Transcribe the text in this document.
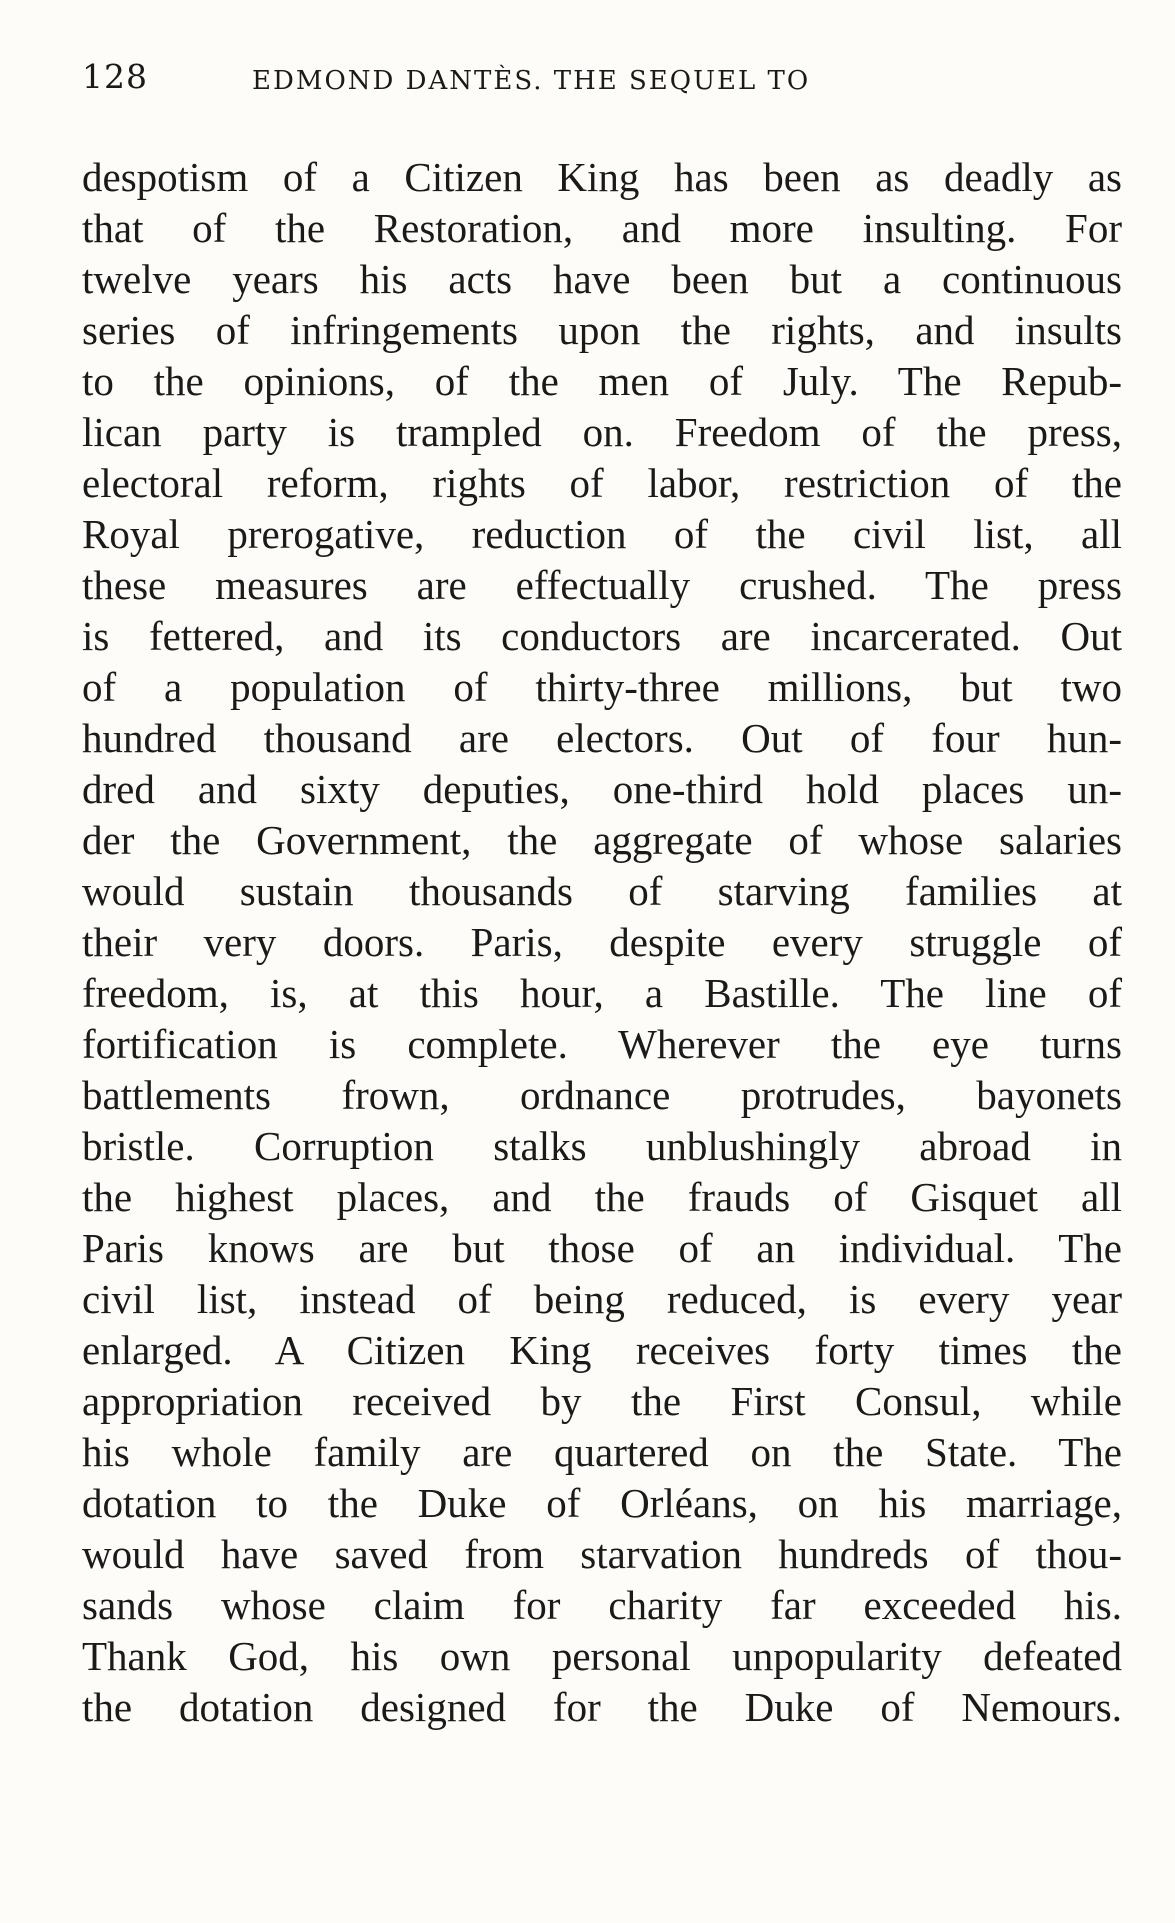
128	EDMOND DANTÈS. THE SEQUEL TO
despotism of a Citizen King has been as deadly as
that of the Restoration, and more insulting. For
twelve years his acts have been but a continuous
series of infringements upon the rights, and insults
to the opinions, of the men of July. The Repub-
lican party is trampled on. Freedom of the press,
electoral reform, rights of labor, restriction of the
Royal prerogative, reduction of the civil list, all
these measures are effectually crushed. The press
is fettered, and its conductors are incarcerated. Out
of a population of thirty-three millions, but two
hundred thousand are electors. Out of four hun-
dred and sixty deputies, one-third hold places un-
der the Government, the aggregate of whose salaries
would sustain thousands of starving families at
their very doors. Paris, despite every struggle of
freedom, is, at this hour, a Bastille. The line of
fortification is complete. Wherever the eye turns
battlements frown, ordnance protrudes, bayonets
bristle. Corruption stalks unblushingly abroad in
the highest places, and the frauds of Gisquet all
Paris knows are but those of an individual. The
civil list, instead of being reduced, is every year
enlarged. A Citizen King receives forty times the
appropriation received by the First Consul, while
his whole family are quartered on the State. The
dotation to the Duke of Orléans, on his marriage,
would have saved from starvation hundreds of thou-
sands whose claim for charity far exceeded his.
Thank God, his own personal unpopularity defeated
the dotation designed for the Duke of Nemours.
